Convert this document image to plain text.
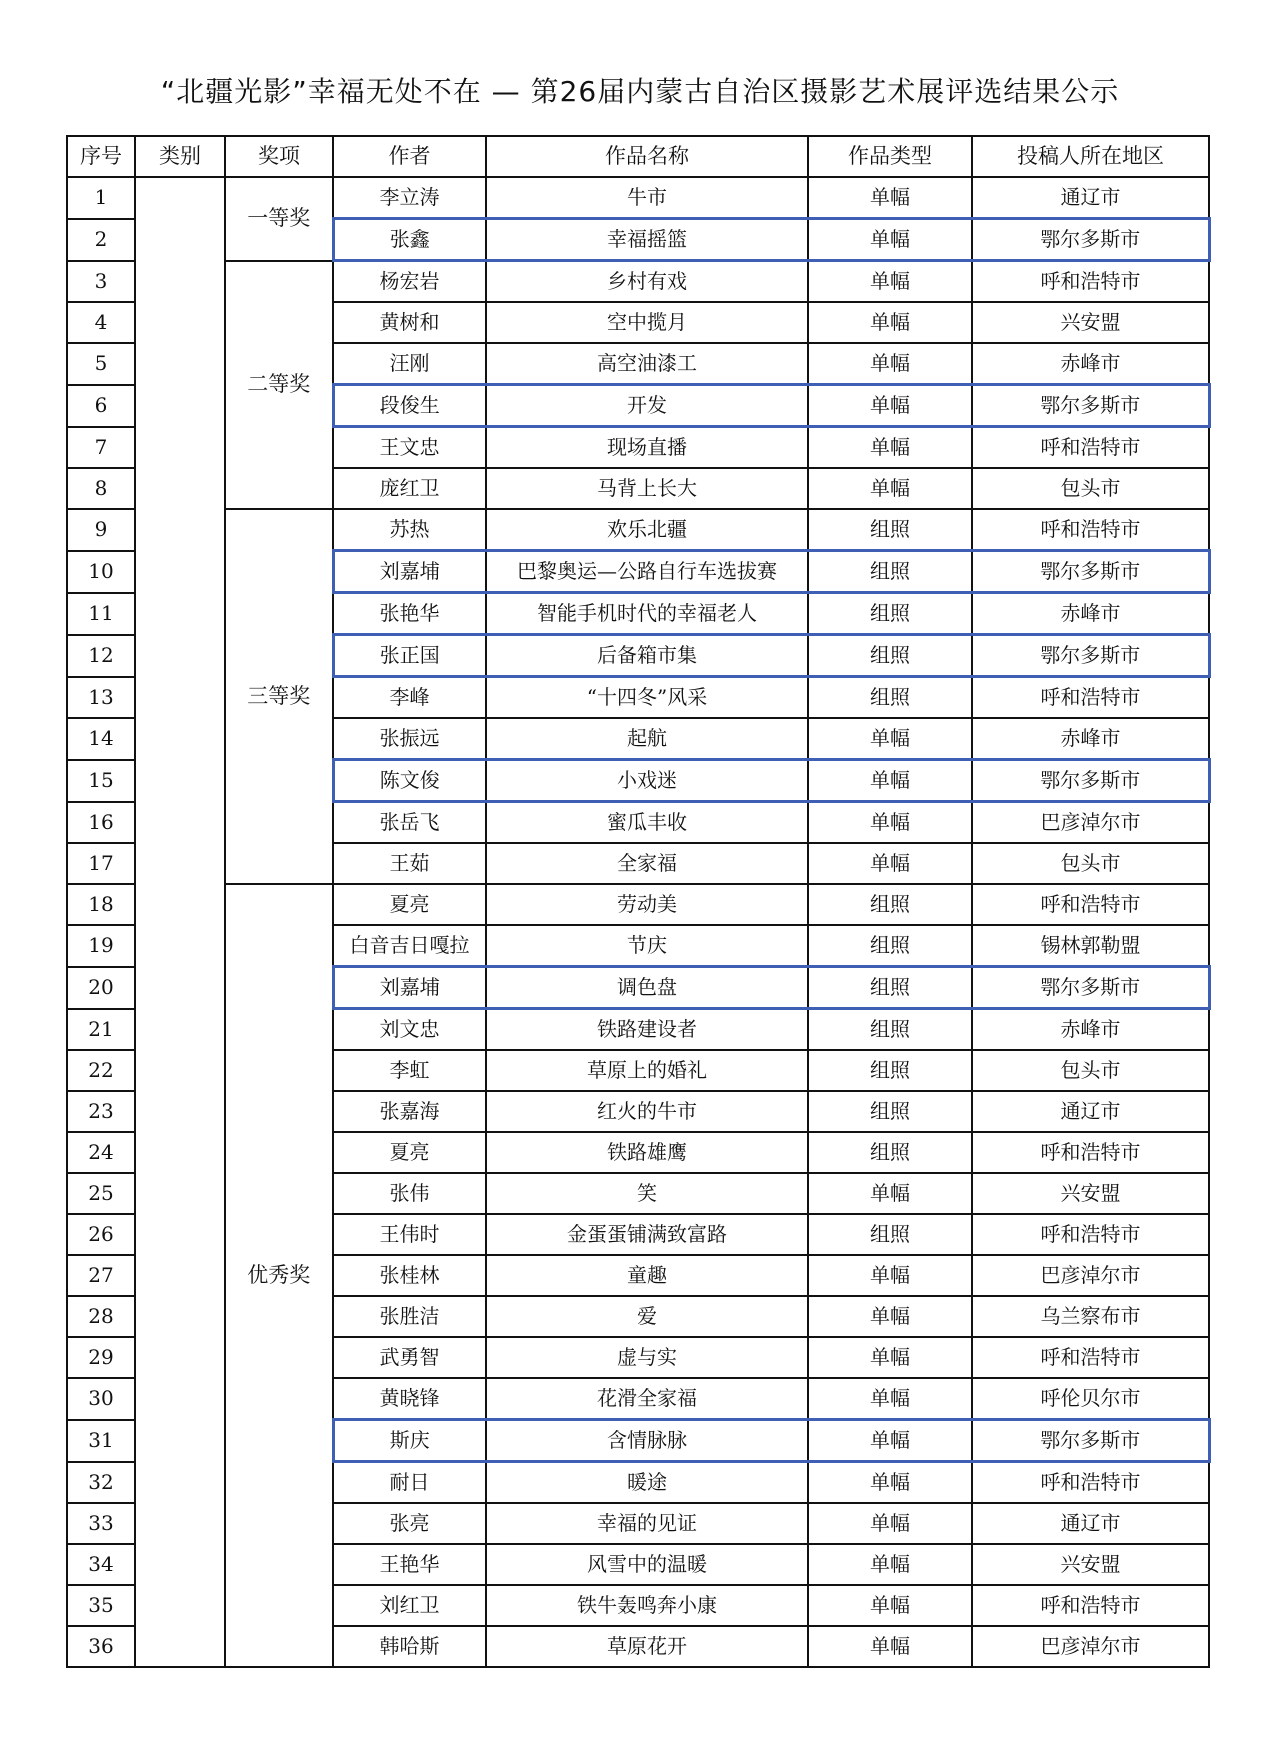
“北疆光影”幸福无处不在 — 第26届内蒙古自治区摄影艺术展评选结果公示
序号	类别	奖项	作者	作品名称	作品类型	投稿人所在地区
1		一等奖	李立涛	牛市	单幅	通辽市
2			张鑫	幸福摇篮	单幅	鄂尔多斯市
3		二等奖	杨宏岩	乡村有戏	单幅	呼和浩特市
4			黄树和	空中揽月	单幅	兴安盟
5			汪刚	高空油漆工	单幅	赤峰市
6			段俊生	开发	单幅	鄂尔多斯市
7			王文忠	现场直播	单幅	呼和浩特市
8			庞红卫	马背上长大	单幅	包头市
9		三等奖	苏热	欢乐北疆	组照	呼和浩特市
10			刘嘉埔	巴黎奥运—公路自行车选拔赛	组照	鄂尔多斯市
11			张艳华	智能手机时代的幸福老人	组照	赤峰市
12			张正国	后备箱市集	组照	鄂尔多斯市
13			李峰	“十四冬”风采	组照	呼和浩特市
14			张振远	起航	单幅	赤峰市
15			陈文俊	小戏迷	单幅	鄂尔多斯市
16			张岳飞	蜜瓜丰收	单幅	巴彦淖尔市
17			王茹	全家福	单幅	包头市
18		优秀奖	夏亮	劳动美	组照	呼和浩特市
19			白音吉日嘎拉	节庆	组照	锡林郭勒盟
20			刘嘉埔	调色盘	组照	鄂尔多斯市
21			刘文忠	铁路建设者	组照	赤峰市
22			李虹	草原上的婚礼	组照	包头市
23			张嘉海	红火的牛市	组照	通辽市
24			夏亮	铁路雄鹰	组照	呼和浩特市
25			张伟	笑	单幅	兴安盟
26			王伟时	金蛋蛋铺满致富路	组照	呼和浩特市
27			张桂林	童趣	单幅	巴彦淖尔市
28			张胜洁	爱	单幅	乌兰察布市
29			武勇智	虚与实	单幅	呼和浩特市
30			黄晓锋	花滑全家福	单幅	呼伦贝尔市
31			斯庆	含情脉脉	单幅	鄂尔多斯市
32			耐日	暖途	单幅	呼和浩特市
33			张亮	幸福的见证	单幅	通辽市
34			王艳华	风雪中的温暖	单幅	兴安盟
35			刘红卫	铁牛轰鸣奔小康	单幅	呼和浩特市
36			韩哈斯	草原花开	单幅	巴彦淖尔市
